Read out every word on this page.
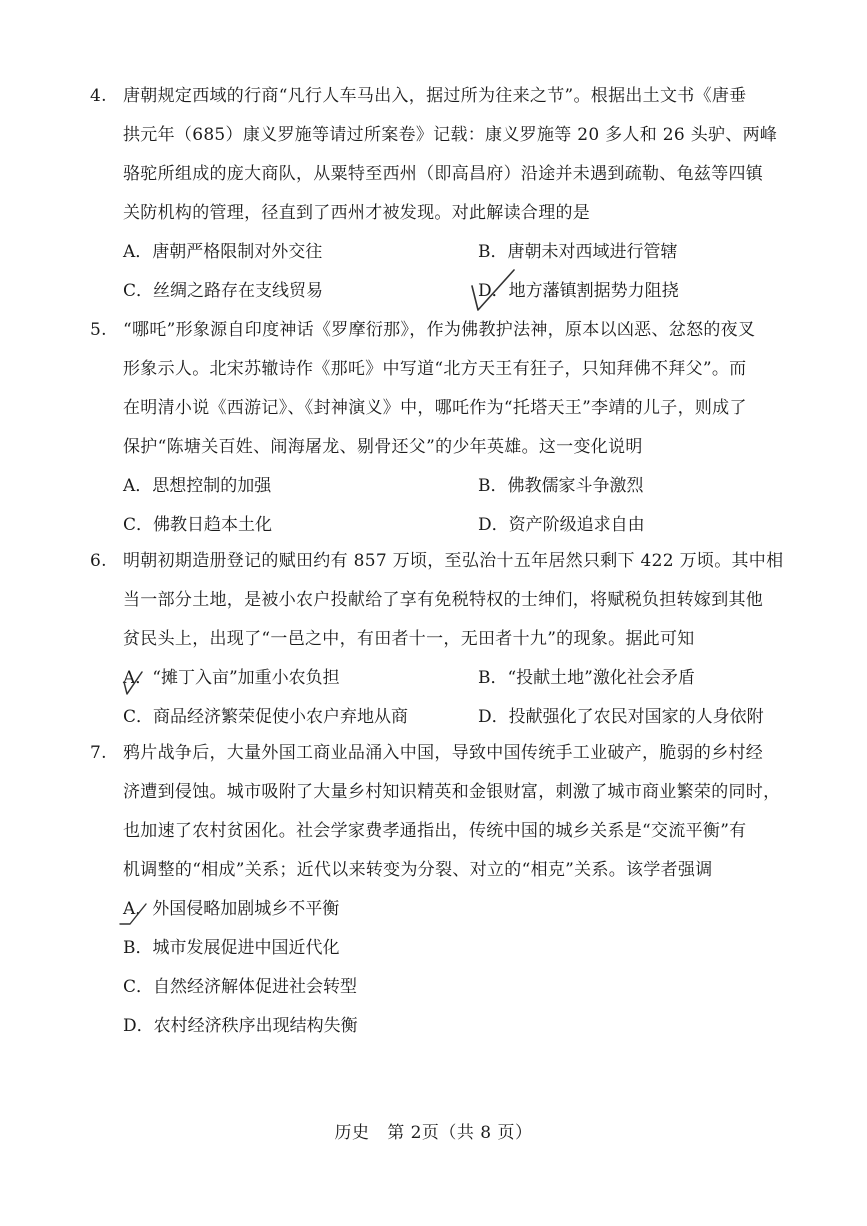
4. 唐朝规定西域的行商“凡行人车马出入，据过所为往来之节”。根据出土文书《唐垂
拱元年（685）康义罗施等请过所案卷》记载：康义罗施等 20 多人和 26 头驴、两峰
骆驼所组成的庞大商队，从粟特至西州（即高昌府）沿途并未遇到疏勒、龟兹等四镇
关防机构的管理，径直到了西州才被发现。对此解读合理的是
A．唐朝严格限制对外交往	B．唐朝未对西域进行管辖
C．丝绸之路存在支线贸易	D．地方藩镇割据势力阻挠
5. “哪吒”形象源自印度神话《罗摩衍那》，作为佛教护法神，原本以凶恶、忿怒的夜叉
形象示人。北宋苏辙诗作《那吒》中写道“北方天王有狂子，只知拜佛不拜父”。而
在明清小说《西游记》、《封神演义》中，哪吒作为“托塔天王”李靖的儿子，则成了
保护“陈塘关百姓、闹海屠龙、剔骨还父”的少年英雄。这一变化说明
A．思想控制的加强	B．佛教儒家斗争激烈
C．佛教日趋本土化	D．资产阶级追求自由
6. 明朝初期造册登记的赋田约有 857 万顷，至弘治十五年居然只剩下 422 万顷。其中相
当一部分土地，是被小农户投献给了享有免税特权的士绅们，将赋税负担转嫁到其他
贫民头上，出现了“一邑之中，有田者十一，无田者十九”的现象。据此可知
A．“摊丁入亩”加重小农负担	B．“投献土地”激化社会矛盾
C．商品经济繁荣促使小农户弃地从商	D．投献强化了农民对国家的人身依附
7. 鸦片战争后，大量外国工商业品涌入中国，导致中国传统手工业破产，脆弱的乡村经
济遭到侵蚀。城市吸附了大量乡村知识精英和金银财富，刺激了城市商业繁荣的同时，
也加速了农村贫困化。社会学家费孝通指出，传统中国的城乡关系是“交流平衡”有
机调整的“相成”关系；近代以来转变为分裂、对立的“相克”关系。该学者强调
A．外国侵略加剧城乡不平衡
B．城市发展促进中国近代化
C．自然经济解体促进社会转型
D．农村经济秩序出现结构失衡
历史 第 2页（共 8 页）
